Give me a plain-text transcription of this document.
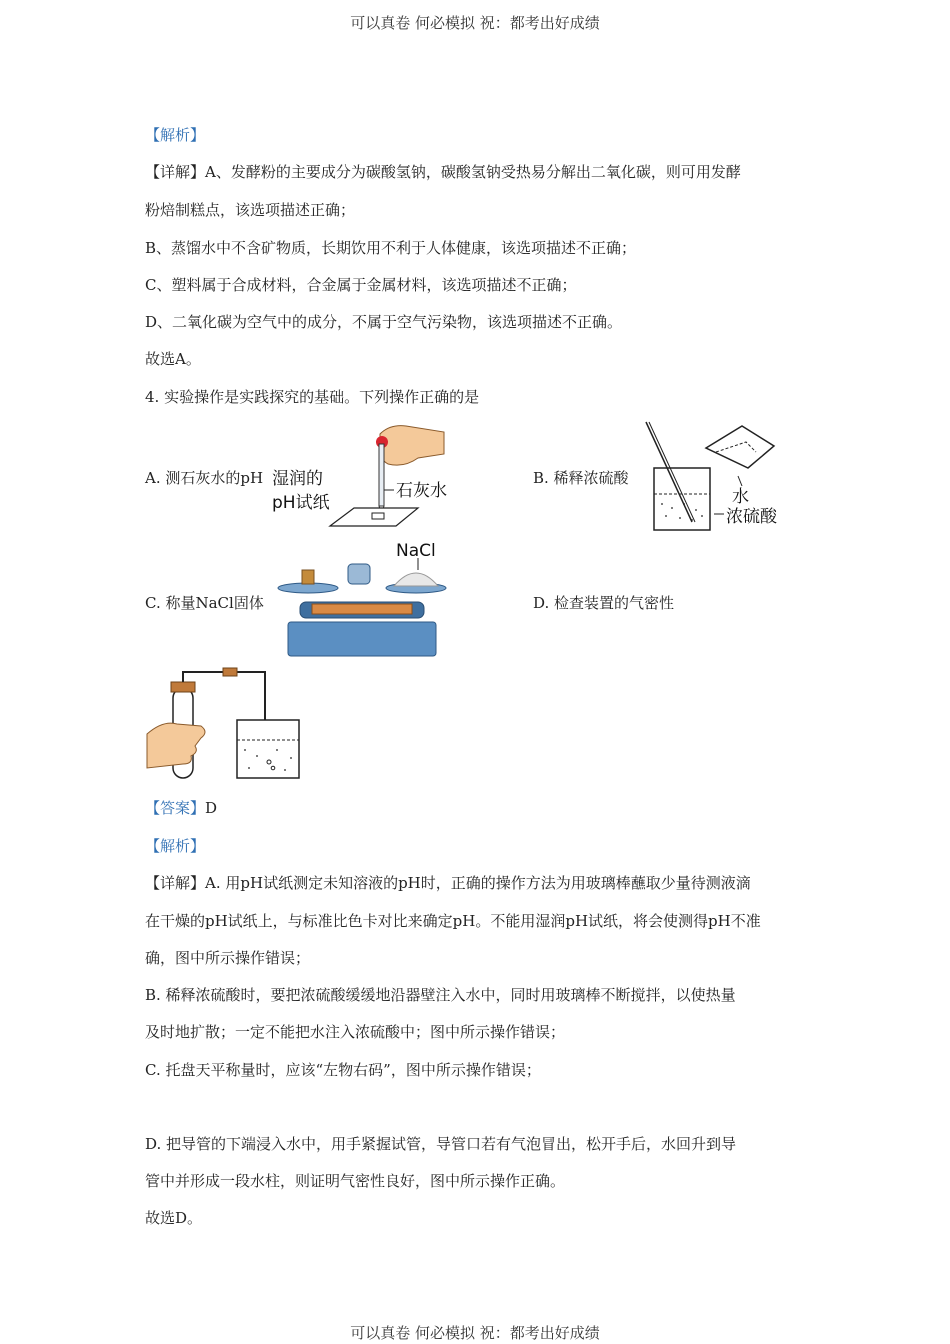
可以真卷 何必模拟 祝：都考出好成绩
【解析】
【详解】A、发酵粉的主要成分为碳酸氢钠，碳酸氢钠受热易分解出二氧化碳，则可用发酵
粉焙制糕点，该选项描述正确；
B、蒸馏水中不含矿物质，长期饮用不利于人体健康，该选项描述不正确；
C、塑料属于合成材料，合金属于金属材料，该选项描述不正确；
D、二氧化碳为空气中的成分，不属于空气污染物，该选项描述不正确。
故选A。
4. 实验操作是实践探究的基础。下列操作正确的是
A. 测石灰水的pH	B. 稀释浓硫酸
C. 称量NaCl固体	D. 检查装置的气密性
湿润的
pH试纸
石灰水	水
浓硫酸
NaCl
【答案】D
【解析】
【详解】A. 用pH试纸测定未知溶液的pH时，正确的操作方法为用玻璃棒蘸取少量待测液滴
在干燥的pH试纸上，与标准比色卡对比来确定pH。不能用湿润pH试纸，将会使测得pH不准
确，图中所示操作错误；
B. 稀释浓硫酸时，要把浓硫酸缓缓地沿器壁注入水中，同时用玻璃棒不断搅拌，以使热量
及时地扩散；一定不能把水注入浓硫酸中；图中所示操作错误；
C. 托盘天平称量时，应该“左物右码”，图中所示操作错误；
D. 把导管的下端浸入水中，用手紧握试管，导管口若有气泡冒出，松开手后，水回升到导
管中并形成一段水柱，则证明气密性良好，图中所示操作正确。
故选D。
可以真卷 何必模拟 祝：都考出好成绩
